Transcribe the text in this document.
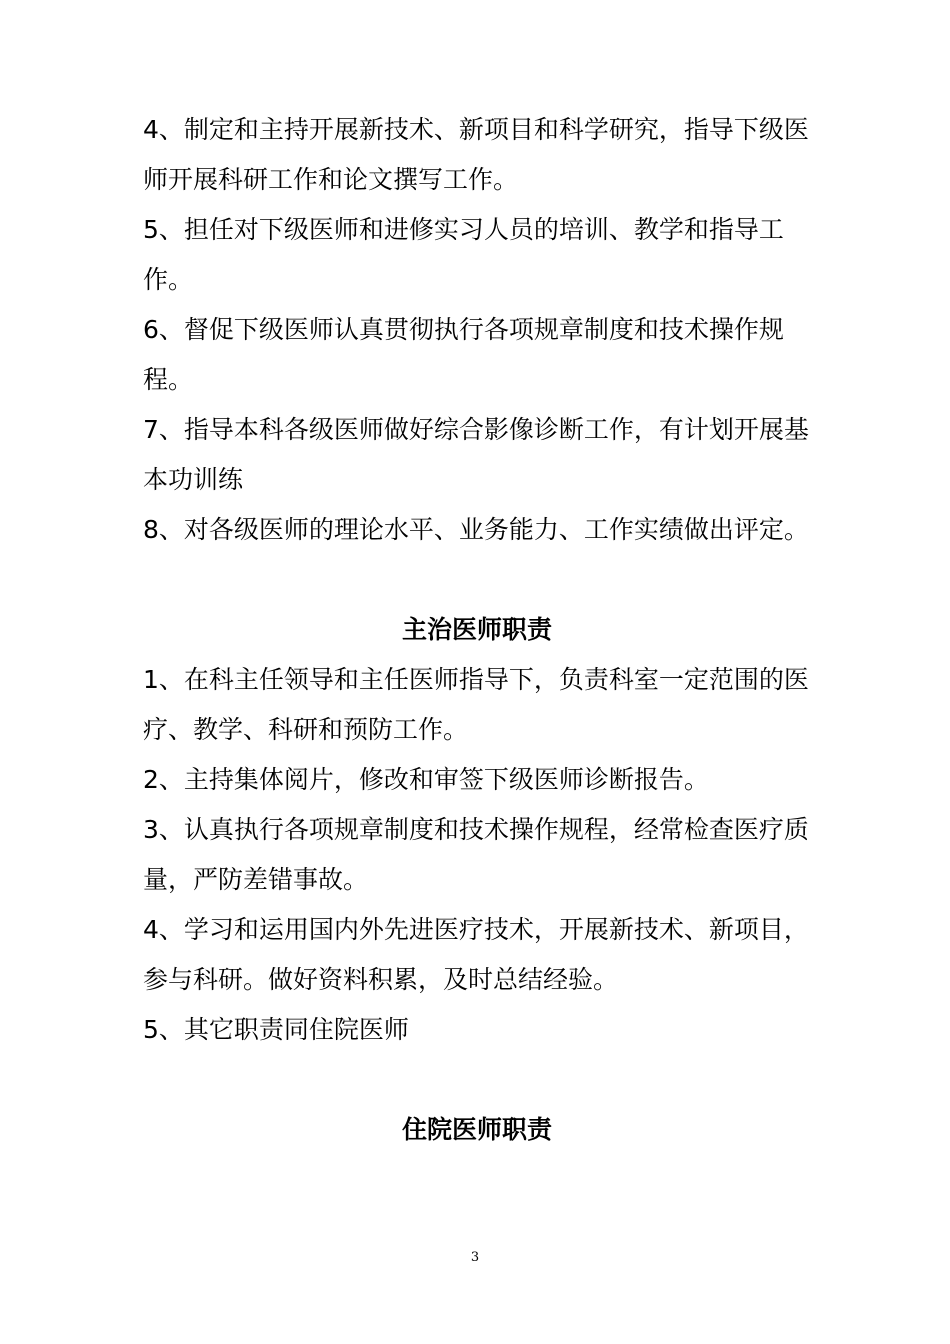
4、制定和主持开展新技术、新项目和科学研究，指导下级医师开展科研工作和论文撰写工作。

5、担任对下级医师和进修实习人员的培训、教学和指导工作。

6、督促下级医师认真贯彻执行各项规章制度和技术操作规程。

7、指导本科各级医师做好综合影像诊断工作，有计划开展基本功训练

8、对各级医师的理论水平、业务能力、工作实绩做出评定。

主治医师职责

1、在科主任领导和主任医师指导下，负责科室一定范围的医疗、教学、科研和预防工作。

2、主持集体阅片，修改和审签下级医师诊断报告。

3、认真执行各项规章制度和技术操作规程，经常检查医疗质量，严防差错事故。

4、学习和运用国内外先进医疗技术，开展新技术、新项目，参与科研。做好资料积累，及时总结经验。

5、其它职责同住院医师

住院医师职责

3
